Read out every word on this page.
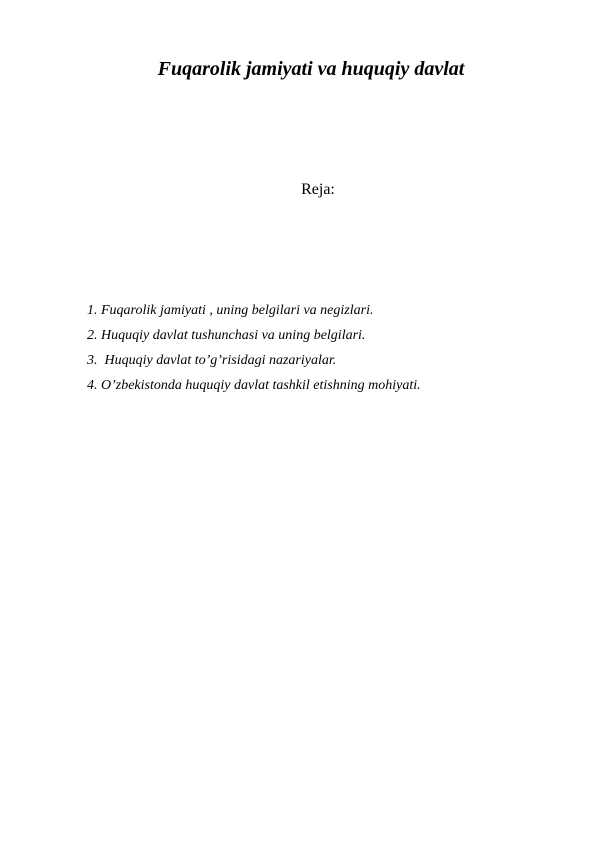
Fuqarolik jamiyati va huquqiy davlat
Reja:
1. Fuqarolik jamiyati , uning belgilari va negizlari.
2. Huquqiy davlat tushunchasi va uning belgilari.
3.  Huquqiy davlat to’g’risidagi nazariyalar.
4. O’zbekistonda huquqiy davlat tashkil etishning mohiyati.
